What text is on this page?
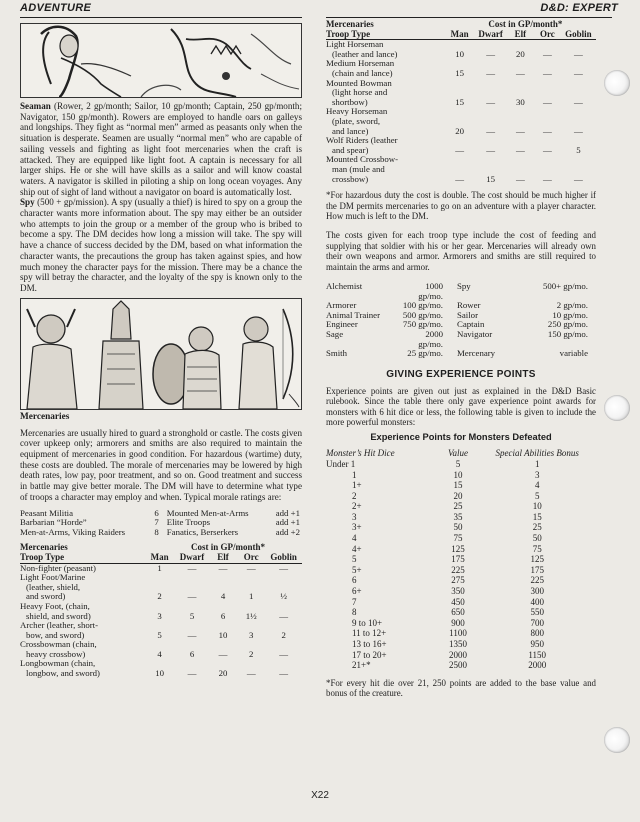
ADVENTURE	D&D: EXPERT

Seaman (Rower, 2 gp/month; Sailor, 10 gp/month; Captain, 250 gp/month; Navigator, 150 gp/month). Rowers are employed to handle oars on galleys and longships. They fight as “normal men” armed as peasants only when the situation is desperate. Seamen are usually “normal men” who are capable of sailing vessels and fighting as light foot mercenaries when the craft is attacked. They are equipped like light foot. A captain is necessary for all larger ships. He or she will have skills as a sailor and will know coastal waters. A navigator is skilled in piloting a ship on long ocean voyages. Any ship out of sight of land without a navigator on board is automatically lost.

Spy (500 + gp/mission). A spy (usually a thief) is hired to spy on a group the character wants more information about. The spy may either be an outsider who attempts to join the group or a member of the group who is bribed to become a spy. The DM decides how long a mission will take. The spy will have a chance of success decided by the DM, based on what information the character wants, the precautions the group has taken against spies, and how much money the character pays for the mission. There may be a chance the spy will betray the character, and the loyalty of the spy is known only to the DM.

Mercenaries

Mercenaries are usually hired to guard a stronghold or castle. The costs given cover upkeep only; armorers and smiths are also required to maintain the equipment of mercenaries in good condition. For hazardous (wartime) duty, these costs are doubled. The morale of mercenaries may be lowered by high death rates, low pay, poor treatment, and so on. Good treatment and success in battle may give better morale. The DM will have to determine what type of troops a character may employ and when. Typical morale ratings are:

Peasant Militia	6	Mounted Men-at-Arms	add +1
Barbarian “Horde”	7	Elite Troops	add +1
Men-at-Arms, Viking Raiders	8	Fanatics, Berserkers	add +2
Mercenaries	Cost in GP/month*				
Troop Type	Man	Dwarf	Elf	Orc	Goblin

Non-fighter (peasant)	1	—	—	—	—

Light Foot/Marine
(leather, shield,
and sword)	2	—	4	1	½

Heavy Foot, (chain,
shield, and sword)	3	5	6	1½	—

Archer (leather, short-
bow, and sword)	5	—	10	3	2

Crossbowman (chain,
heavy crossbow)	4	6	—	2	—

Longbowman (chain,
longbow, and sword)	10	—	20	—	—
Mercenaries	Cost in GP/month*				
Troop Type	Man	Dwarf	Elf	Orc	Goblin

Light Horseman
(leather and lance)	10	—	20	—	—

Medium Horseman
(chain and lance)	15	—	—	—	—

Mounted Bowman
(light horse and
shortbow)	15	—	30	—	—

Heavy Horseman
(plate, sword,
and lance)	20	—	—	—	—

Wolf Riders (leather
and spear)	—	—	—	—	5

Mounted Crossbow-
man (mule and
crossbow)	—	15	—	—	—

*For hazardous duty the cost is double. The cost should be much higher if the DM permits mercenaries to go on an adventure with a player character. How much is left to the DM.

The costs given for each troop type include the cost of feeding and supplying that soldier with his or her gear. Mercenaries will already own their own weapons and armor. Armorers and smiths are still required to maintain the arms and armor.

Alchemist	1000 gp/mo.	Spy	500+ gp/mo.
Armorer	100 gp/mo.	Rower	2 gp/mo.
Animal Trainer	500 gp/mo.	Sailor	10 gp/mo.
Engineer	750 gp/mo.	Captain	250 gp/mo.
Sage	2000 gp/mo.	Navigator	150 gp/mo.
Smith	25 gp/mo.	Mercenary	variable
GIVING EXPERIENCE POINTS

Experience points are given out just as explained in the D&D Basic rulebook. Since the table there only gave experience point awards for monsters with 6 hit dice or less, the following table is given to include the more powerful monsters:

Experience Points for Monsters Defeated
Monster’s Hit Dice	Value	Special Abilities Bonus
Under 1	5	1
1	10	3
1+	15	4
2	20	5
2+	25	10
3	35	15
3+	50	25
4	75	50
4+	125	75
5	175	125
5+	225	175
6	275	225
6+	350	300
7	450	400
8	650	550
9 to 10+	900	700
11 to 12+	1100	800
13 to 16+	1350	950
17 to 20+	2000	1150
21+*	2500	2000

*For every hit die over 21, 250 points are added to the base value and bonus of the creature.

X22
